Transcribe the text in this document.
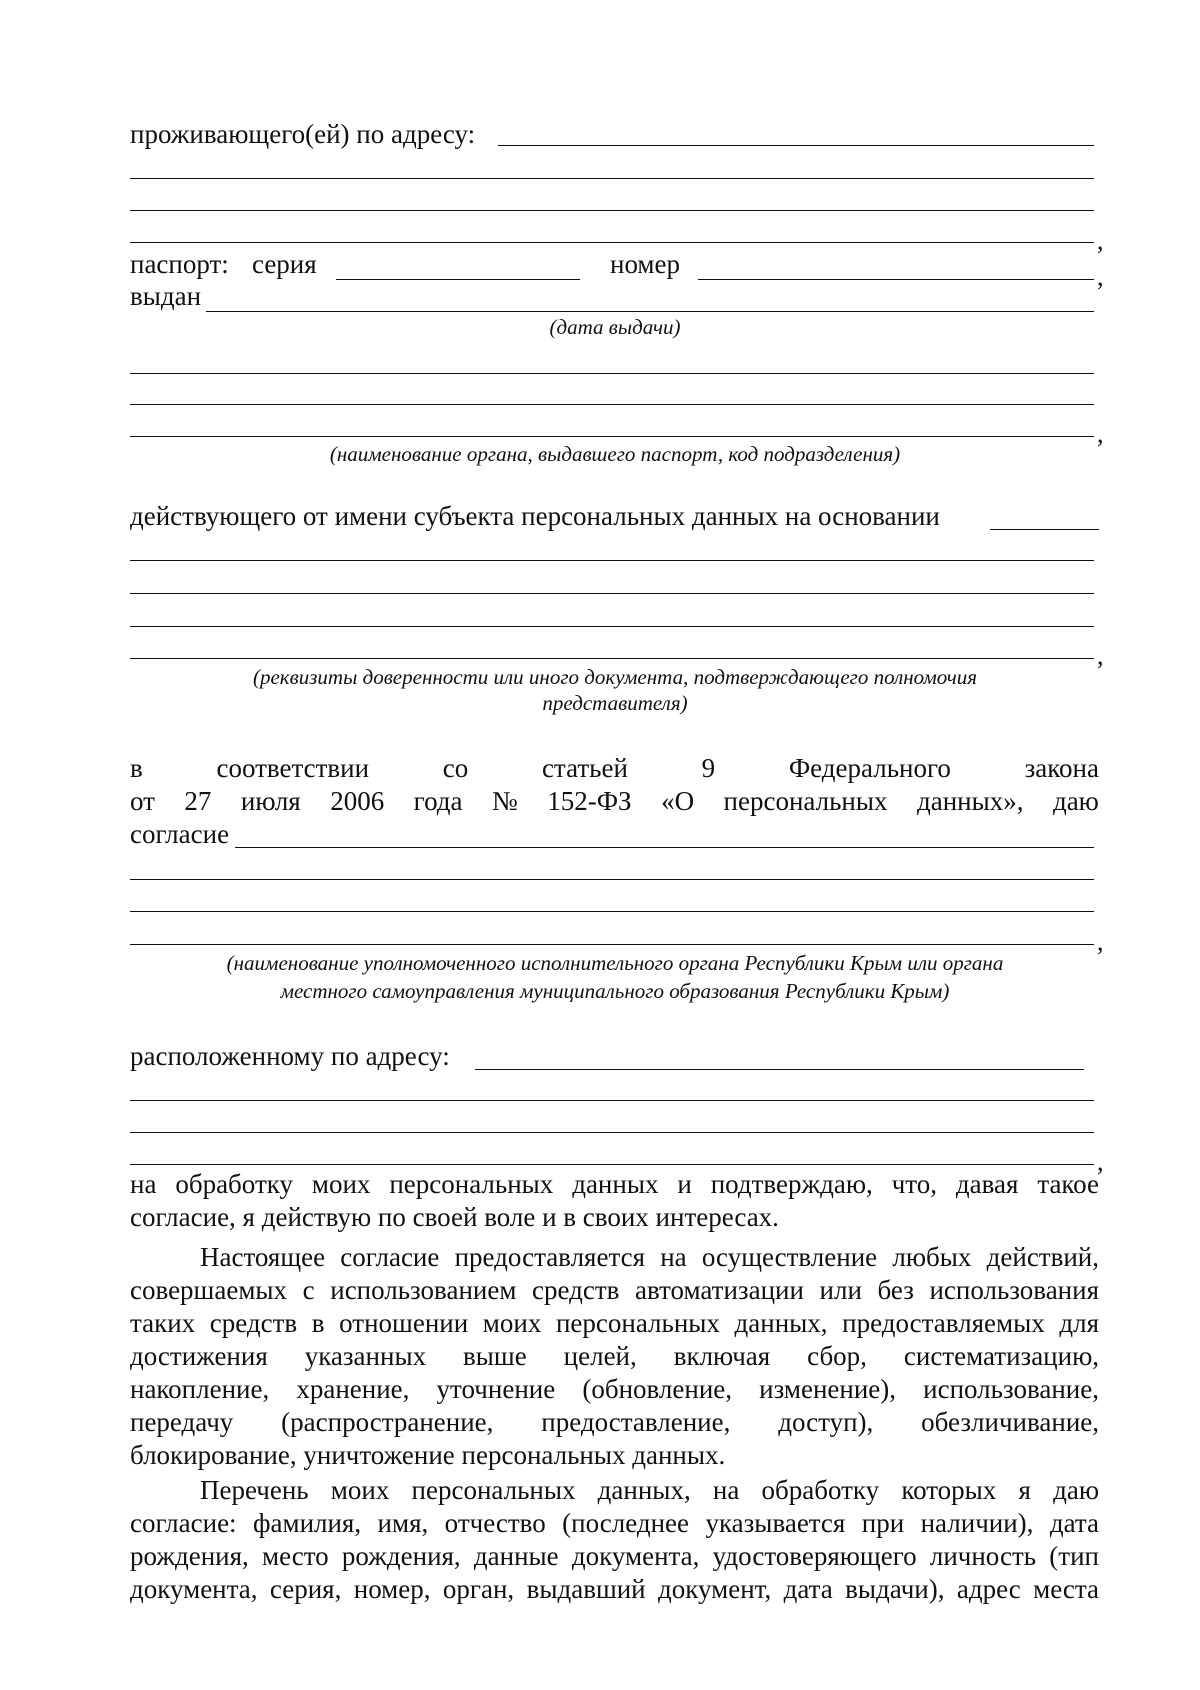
проживающего(ей) по адресу:
,
паспорт: серия	номер	,
выдан
(дата выдачи)
,
(наименование органа, выдавшего паспорт, код подразделения)
действующего от имени субъекта персональных данных на основании
,
(реквизиты доверенности или иного документа, подтверждающего полномочия
представителя)
в	соответствии	со	статьей	9	Федерального	закона
от 27 июля 2006 года № 152-ФЗ «О персональных данных», даю
согласие
,
(наименование уполномоченного исполнительного органа Республики Крым или органа
местного самоуправления муниципального образования Республики Крым)
расположенному по адресу:
,
на обработку моих персональных данных и подтверждаю, что, давая такое
согласие, я действую по своей воле и в своих интересах.
Настоящее согласие предоставляется на осуществление любых действий,
совершаемых с использованием средств автоматизации или без использования
таких средств в отношении моих персональных данных, предоставляемых для
достижения указанных выше целей, включая сбор, систематизацию,
накопление, хранение, уточнение (обновление, изменение), использование,
передачу (распространение, предоставление, доступ), обезличивание,
блокирование, уничтожение персональных данных.
Перечень моих персональных данных, на обработку которых я даю
согласие: фамилия, имя, отчество (последнее указывается при наличии), дата
рождения, место рождения, данные документа, удостоверяющего личность (тип
документа, серия, номер, орган, выдавший документ, дата выдачи), адрес места
